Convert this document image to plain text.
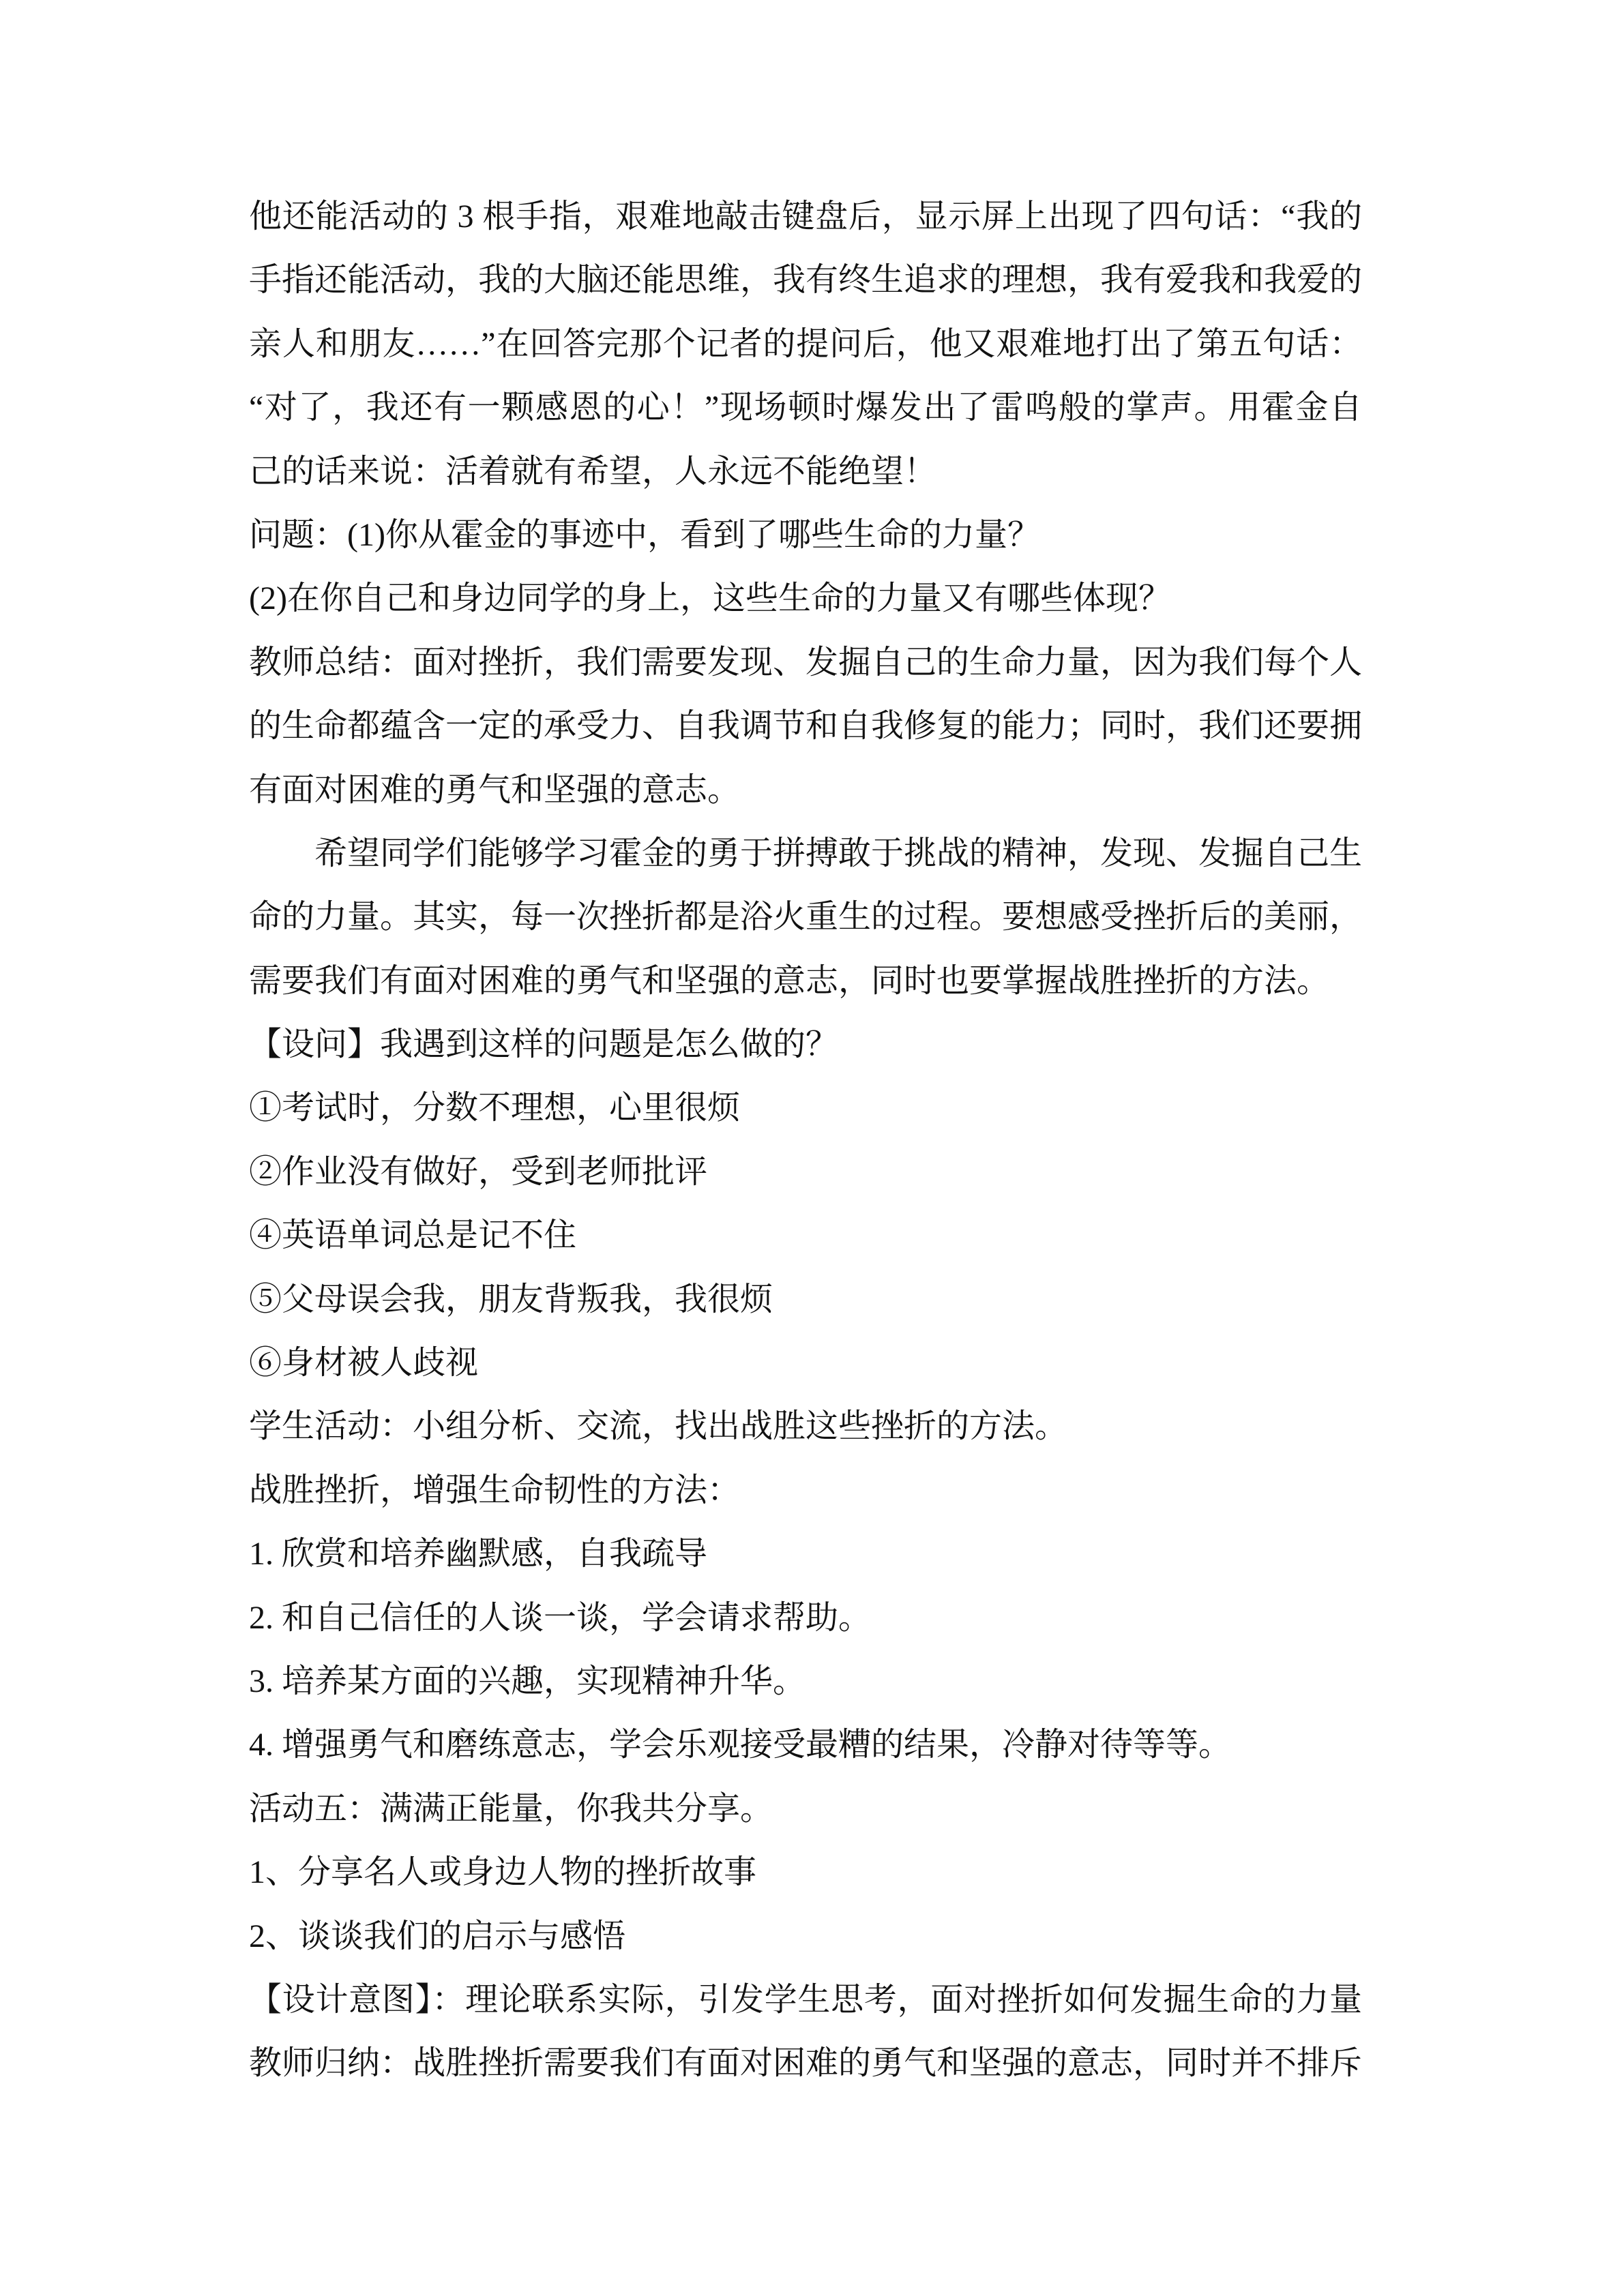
他还能活动的 3 根手指，艰难地敲击键盘后，显示屏上出现了四句话：“我的
手指还能活动，我的大脑还能思维，我有终生追求的理想，我有爱我和我爱的
亲人和朋友……”在回答完那个记者的提问后，他又艰难地打出了第五句话：
“对了，我还有一颗感恩的心！”现场顿时爆发出了雷鸣般的掌声。用霍金自
己的话来说：活着就有希望，人永远不能绝望！
问题：(1)你从霍金的事迹中，看到了哪些生命的力量？
(2)在你自己和身边同学的身上，这些生命的力量又有哪些体现？
教师总结：面对挫折，我们需要发现、发掘自己的生命力量，因为我们每个人
的生命都蕴含一定的承受力、自我调节和自我修复的能力；同时，我们还要拥
有面对困难的勇气和坚强的意志。
　　希望同学们能够学习霍金的勇于拼搏敢于挑战的精神，发现、发掘自己生
命的力量。其实，每一次挫折都是浴火重生的过程。要想感受挫折后的美丽，
需要我们有面对困难的勇气和坚强的意志，同时也要掌握战胜挫折的方法。
【设问】我遇到这样的问题是怎么做的？
①考试时，分数不理想，心里很烦
②作业没有做好，受到老师批评
④英语单词总是记不住
⑤父母误会我，朋友背叛我，我很烦
⑥身材被人歧视
学生活动：小组分析、交流，找出战胜这些挫折的方法。
战胜挫折，增强生命韧性的方法：
1. 欣赏和培养幽默感，自我疏导
2. 和自己信任的人谈一谈，学会请求帮助。
3. 培养某方面的兴趣，实现精神升华。
4. 增强勇气和磨练意志，学会乐观接受最糟的结果，冷静对待等等。
活动五：满满正能量，你我共分享。
1、分享名人或身边人物的挫折故事
2、谈谈我们的启示与感悟
【设计意图】：理论联系实际，引发学生思考，面对挫折如何发掘生命的力量
教师归纳：战胜挫折需要我们有面对困难的勇气和坚强的意志，同时并不排斥
